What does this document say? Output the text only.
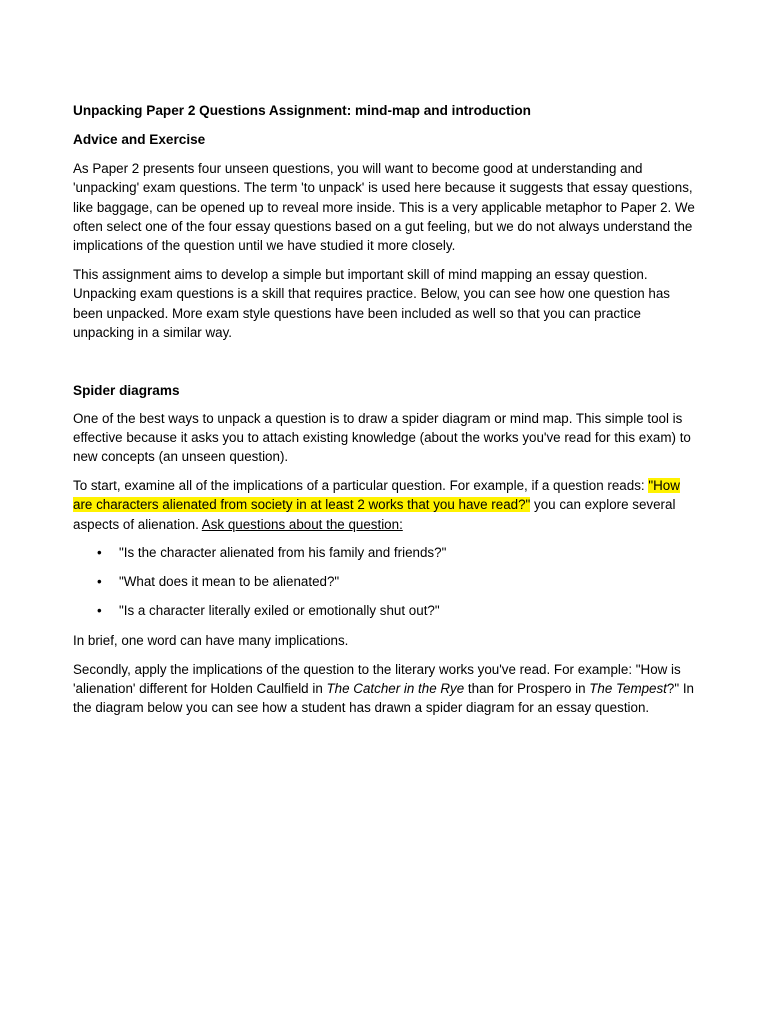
Unpacking Paper 2 Questions Assignment: mind-map and introduction
Advice and Exercise

As Paper 2 presents four unseen questions, you will want to become good at understanding and 'unpacking' exam questions. The term 'to unpack' is used here because it suggests that essay questions, like baggage, can be opened up to reveal more inside. This is a very applicable metaphor to Paper 2. We often select one of the four essay questions based on a gut feeling, but we do not always understand the implications of the question until we have studied it more closely.

This assignment aims to develop a simple but important skill of mind mapping an essay question. Unpacking exam questions is a skill that requires practice. Below, you can see how one question has been unpacked. More exam style questions have been included as well so that you can practice unpacking in a similar way.

Spider diagrams

One of the best ways to unpack a question is to draw a spider diagram or mind map. This simple tool is effective because it asks you to attach existing knowledge (about the works you've read for this exam) to new concepts (an unseen question).

To start, examine all of the implications of a particular question. For example, if a question reads: "How are characters alienated from society in at least 2 works that you have read?" you can explore several aspects of alienation. Ask questions about the question:

• "Is the character alienated from his family and friends?"
• "What does it mean to be alienated?"
• "Is a character literally exiled or emotionally shut out?"

In brief, one word can have many implications.

Secondly, apply the implications of the question to the literary works you've read. For example: "How is 'alienation' different for Holden Caulfield in The Catcher in the Rye than for Prospero in The Tempest?" In the diagram below you can see how a student has drawn a spider diagram for an essay question.
